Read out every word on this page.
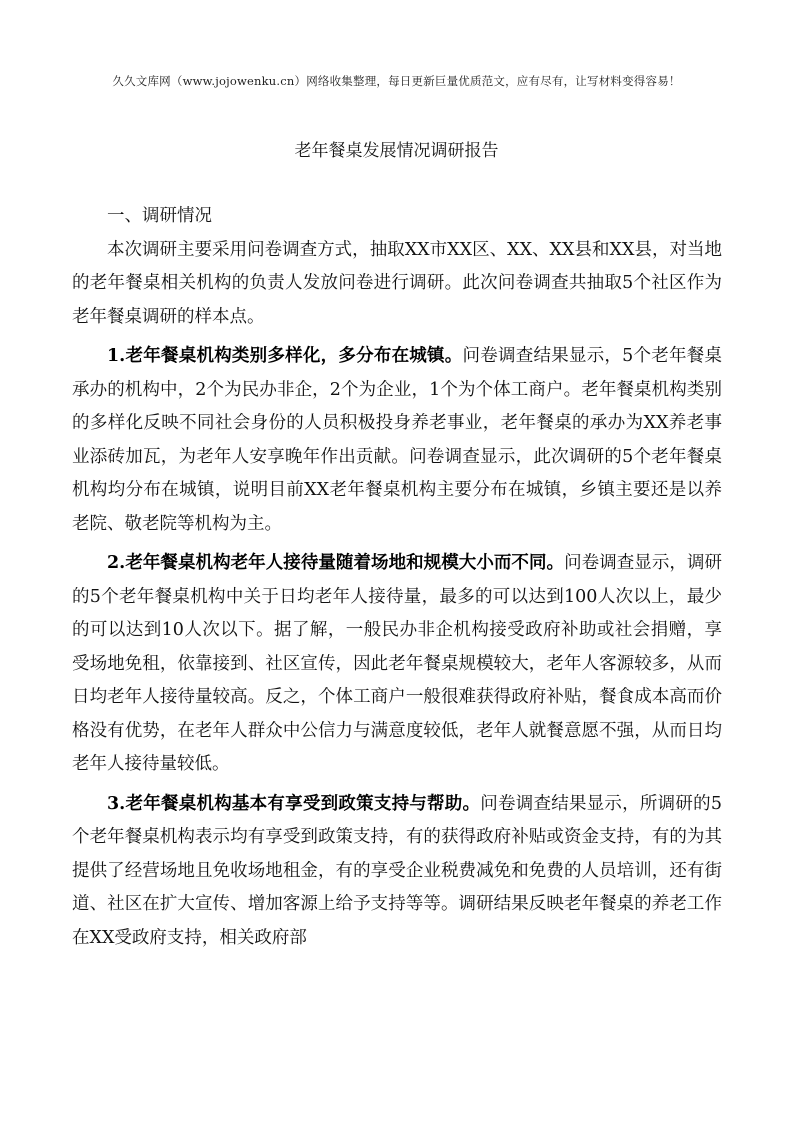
久久文库网（www.jojowenku.cn）网络收集整理，每日更新巨量优质范文，应有尽有，让写材料变得容易！
老年餐桌发展情况调研报告

一、调研情况

本次调研主要采用问卷调查方式，抽取XX市XX区、XX、XX县和XX县，对当地的老年餐桌相关机构的负责人发放问卷进行调研。此次问卷调查共抽取5个社区作为老年餐桌调研的样本点。

1.老年餐桌机构类别多样化，多分布在城镇。问卷调查结果显示，5个老年餐桌承办的机构中，2个为民办非企，2个为企业，1个为个体工商户。老年餐桌机构类别的多样化反映不同社会身份的人员积极投身养老事业，老年餐桌的承办为XX养老事业添砖加瓦，为老年人安享晚年作出贡献。问卷调查显示，此次调研的5个老年餐桌机构均分布在城镇，说明目前XX老年餐桌机构主要分布在城镇，乡镇主要还是以养老院、敬老院等机构为主。

2.老年餐桌机构老年人接待量随着场地和规模大小而不同。问卷调查显示，调研的5个老年餐桌机构中关于日均老年人接待量，最多的可以达到100人次以上，最少的可以达到10人次以下。据了解，一般民办非企机构接受政府补助或社会捐赠，享受场地免租，依靠接到、社区宣传，因此老年餐桌规模较大，老年人客源较多，从而日均老年人接待量较高。反之，个体工商户一般很难获得政府补贴，餐食成本高而价格没有优势，在老年人群众中公信力与满意度较低，老年人就餐意愿不强，从而日均老年人接待量较低。

3.老年餐桌机构基本有享受到政策支持与帮助。问卷调查结果显示，所调研的5个老年餐桌机构表示均有享受到政策支持，有的获得政府补贴或资金支持，有的为其提供了经营场地且免收场地租金，有的享受企业税费减免和免费的人员培训，还有街道、社区在扩大宣传、增加客源上给予支持等等。调研结果反映老年餐桌的养老工作在XX受政府支持，相关政府部
